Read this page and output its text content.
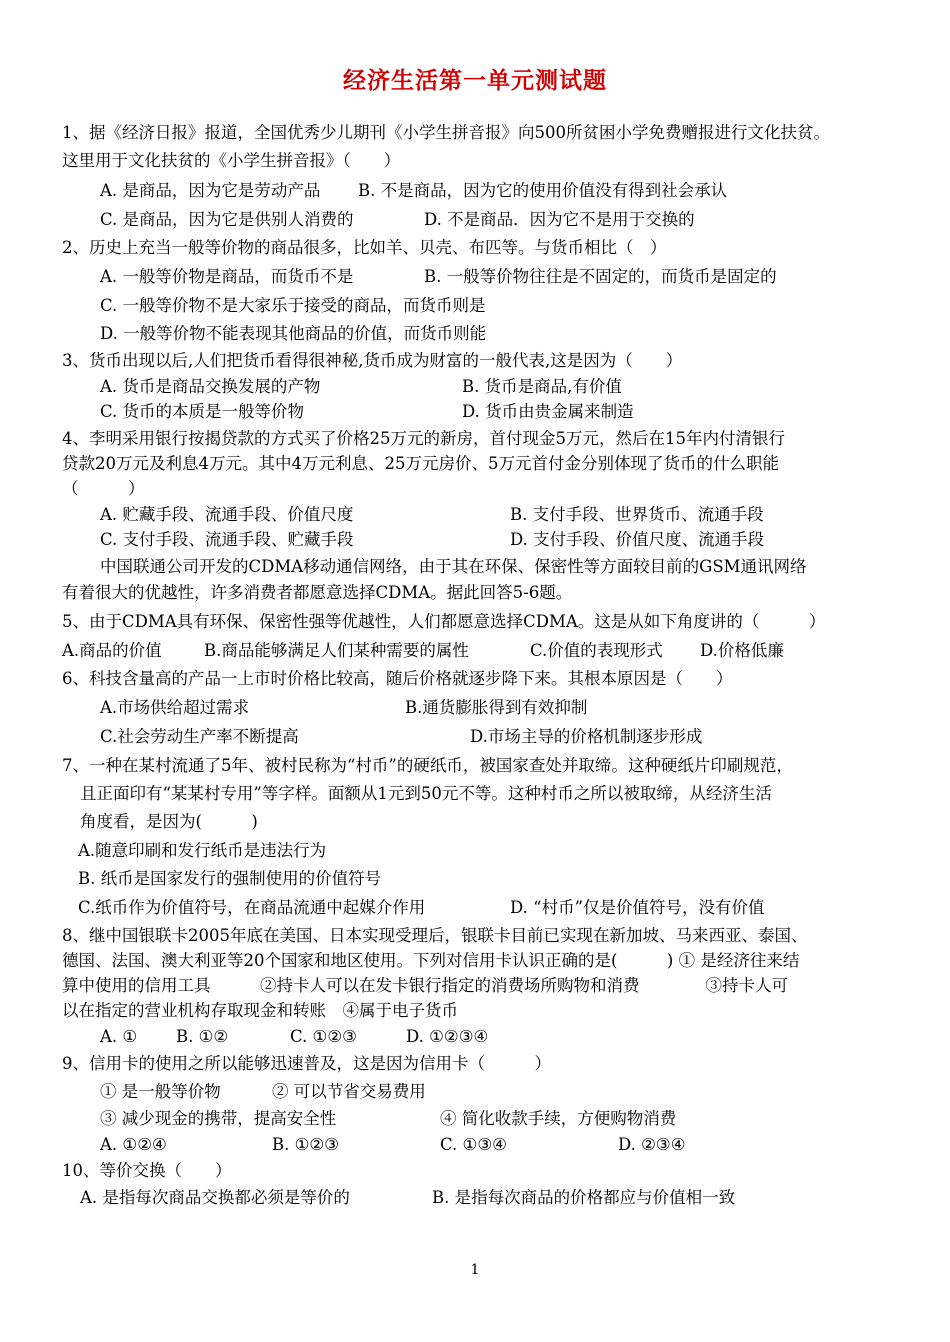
经济生活第一单元测试题
1、据《经济日报》报道，全国优秀少儿期刊《小学生拼音报》向500所贫困小学免费赠报进行文化扶贫。
这里用于文化扶贫的《小学生拼音报》（　　）
A. 是商品，因为它是劳动产品 B. 不是商品，因为它的使用价值没有得到社会承认
C. 是商品，因为它是供别人消费的	D. 不是商品．因为它不是用于交换的
2、历史上充当一般等价物的商品很多，比如羊、贝壳、布匹等。与货币相比（　）
A. 一般等价物是商品，而货币不是	B. 一般等价物往往是不固定的，而货币是固定的
C. 一般等价物不是大家乐于接受的商品，而货币则是
D. 一般等价物不能表现其他商品的价值，而货币则能
3、货币出现以后,人们把货币看得很神秘,货币成为财富的一般代表,这是因为（　　）
A. 货币是商品交换发展的产物	B. 货币是商品,有价值
C. 货币的本质是一般等价物	D. 货币由贵金属来制造
4、李明采用银行按揭贷款的方式买了价格25万元的新房，首付现金5万元，然后在15年内付清银行
贷款20万元及利息4万元。其中4万元利息、25万元房价、5万元首付金分别体现了货币的什么职能
（　　　）
A. 贮藏手段、流通手段、价值尺度	B. 支付手段、世界货币、流通手段
C. 支付手段、流通手段、贮藏手段	D. 支付手段、价值尺度、流通手段
中国联通公司开发的CDMA移动通信网络，由于其在环保、保密性等方面较目前的GSM通讯网络
有着很大的优越性，许多消费者都愿意选择CDMA。据此回答5-6题。
5、由于CDMA具有环保、保密性强等优越性，人们都愿意选择CDMA。这是从如下角度讲的（　　　）
A.商品的价值	B.商品能够满足人们某种需要的属性	C.价值的表现形式 D.价格低廉
6、科技含量高的产品一上市时价格比较高，随后价格就逐步降下来。其根本原因是（　　）
A.市场供给超过需求	B.通货膨胀得到有效抑制
C.社会劳动生产率不断提高	D.市场主导的价格机制逐步形成
7、一种在某村流通了5年、被村民称为“村币”的硬纸币，被国家查处并取缔。这种硬纸片印刷规范，
且正面印有“某某村专用”等字样。面额从1元到50元不等。这种村币之所以被取缔，从经济生活
角度看，是因为(　　　)
A.随意印刷和发行纸币是违法行为
B. 纸币是国家发行的强制使用的价值符号
C.纸币作为价值符号，在商品流通中起媒介作用	D. “村币”仅是价值符号，没有价值
8、继中国银联卡2005年底在美国、日本实现受理后，银联卡目前已实现在新加坡、马来西亚、泰国、
德国、法国、澳大利亚等20个国家和地区使用。下列对信用卡认识正确的是(　　　) ① 是经济往来结
算中使用的信用工具　　　②持卡人可以在发卡银行指定的消费场所购物和消费　　　　③持卡人可
以在指定的营业机构存取现金和转账　④属于电子货币
A. ① B. ①②	C. ①②③	D. ①②③④
9、信用卡的使用之所以能够迅速普及，这是因为信用卡（　　　）
① 是一般等价物	② 可以节省交易费用
③ 减少现金的携带，提高安全性	④ 简化收款手续，方便购物消费
A. ①②④	B. ①②③	C. ①③④	D. ②③④
10、等价交换（　　）
A. 是指每次商品交换都必须是等价的	B. 是指每次商品的价格都应与价值相一致
1
